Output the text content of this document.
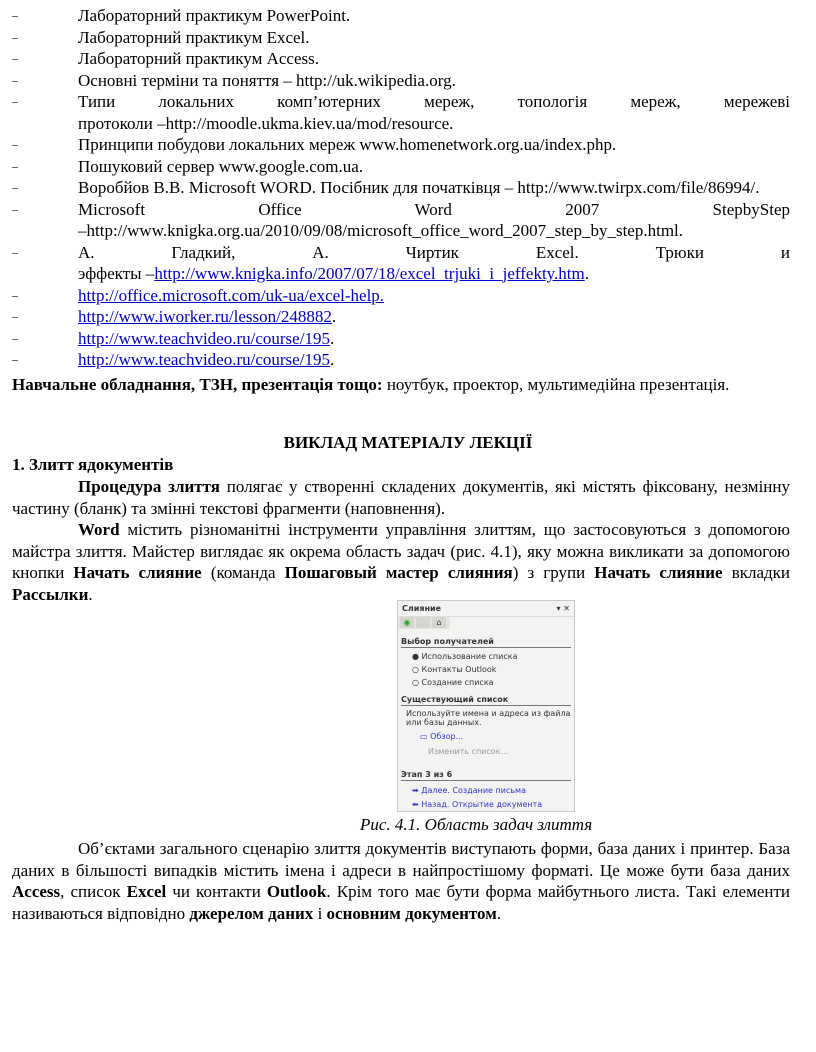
–	Лабораторний практикум PowerPoint.
–	Лабораторний практикум Excel.
–	Лабораторний практикум Access.
–	Основні терміни та поняття – http://uk.wikipedia.org.
–	Типи локальних комп’ютерних мереж, топологія мереж, мережеві
протоколи –http://moodle.ukma.kiev.ua/mod/resource.
–	Принципи побудови локальних мереж www.homenetwork.org.ua/index.php.
–	Пошуковий сервер www.google.com.ua.
–	Воробйов В.В. Microsoft WORD. Посібник для початківця – http://www.twirpx.com/file/86994/.
–	Microsoft Office Word 2007 StepbyStep
–http://www.knigka.org.ua/2010/09/08/microsoft_office_word_2007_step_by_step.html.
–	А. Гладкий, А. Чиртик Excel. Трюки и
эффекты –http://www.knigka.info/2007/07/18/excel_trjuki_i_jeffekty.htm.
–	http://office.microsoft.com/uk-ua/excel-help.
–	http://www.iworker.ru/lesson/248882.
–	http://www.teachvideo.ru/course/195.
–	http://www.teachvideo.ru/course/195.
Навчальне обладнання, ТЗН, презентація тощо: ноутбук, проектор, мультимедійна презентація.
ВИКЛАД МАТЕРІАЛУ ЛЕКЦІЇ
1. Злитт ядокументів
Процедура злиття полягає у створенні складених документів, які містять фіксовану, незмінну частину (бланк) та змінні текстові фрагменти (наповнення).
Word містить різноманітні інструменти управління злиттям, що застосовуються з допомогою майстра злиття. Майстер виглядає як окрема область задач (рис. 4.1), яку можна викликати за допомогою кнопки Начать слияние (команда Пошаговый мастер слияния) з групи Начать слияние вкладки Рассылки.
Слияние	▾ ✕
◉	⌂
Выбор получателей
● Использование списка
○ Контакты Outlook
○ Создание списка
Существующий список
Используйте имена и адреса из файла или базы данных.
▭ Обзор...
Изменить список...
Этап 3 из 6
➡ Далее. Создание письма
⬅ Назад. Открытие документа
Рис. 4.1. Область задач злиття
Об’єктами загального сценарію злиття документів виступають форми, база даних і принтер. База даних в більшості випадків містить імена і адреси в найпростішому форматі. Це може бути база даних Access, список Excel чи контакти Outlook. Крім того має бути форма майбутнього листа. Такі елементи називаються відповідно джерелом даних і основним документом.
